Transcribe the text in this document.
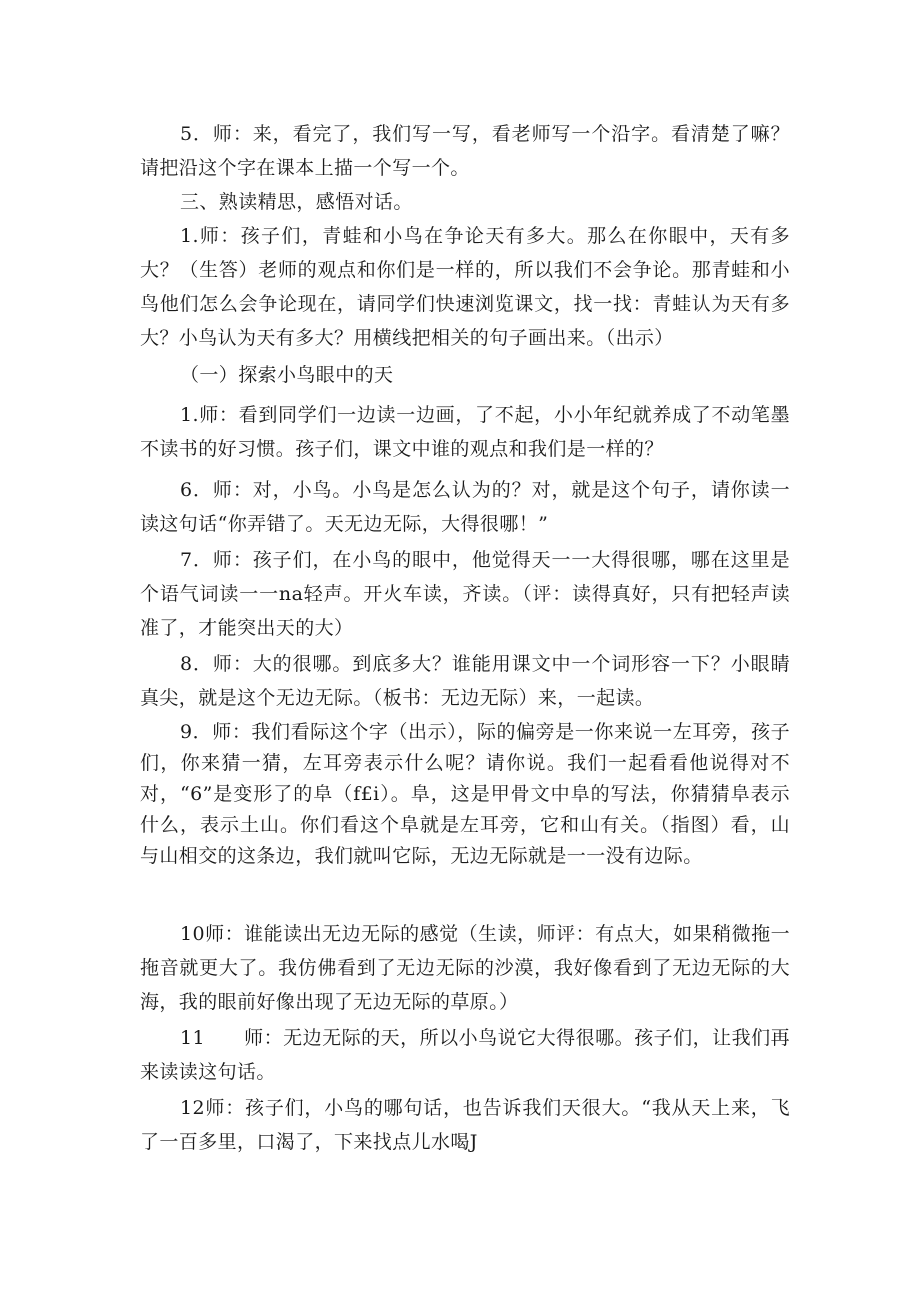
5．师：来，看完了，我们写一写，看老师写一个沿字。看清楚了嘛？请把沿这个字在课本上描一个写一个。

三、熟读精思，感悟对话。

1.师：孩子们，青蛙和小鸟在争论天有多大。那么在你眼中，天有多大？（生答）老师的观点和你们是一样的，所以我们不会争论。那青蛙和小鸟他们怎么会争论现在，请同学们快速浏览课文，找一找：青蛙认为天有多大？小鸟认为天有多大？用横线把相关的句子画出来。（出示）

（一）探索小鸟眼中的天

1.师：看到同学们一边读一边画，了不起，小小年纪就养成了不动笔墨不读书的好习惯。孩子们，课文中谁的观点和我们是一样的？

6．师：对，小鸟。小鸟是怎么认为的？对，就是这个句子，请你读一读这句话“你弄错了。天无边无际，大得很哪！”

7．师：孩子们，在小鸟的眼中，他觉得天一一大得很哪，哪在这里是个语气词读一一na轻声。开火车读，齐读。（评：读得真好，只有把轻声读准了，才能突出天的大）

8．师：大的很哪。到底多大？谁能用课文中一个词形容一下？小眼睛真尖，就是这个无边无际。（板书：无边无际）来，一起读。

9．师：我们看际这个字（出示），际的偏旁是一你来说一左耳旁，孩子们，你来猜一猜，左耳旁表示什么呢？请你说。我们一起看看他说得对不对，“6”是变形了的阜（f£i）。阜，这是甲骨文中阜的写法，你猜猜阜表示什么，表示土山。你们看这个阜就是左耳旁，它和山有关。（指图）看，山与山相交的这条边，我们就叫它际，无边无际就是一一没有边际。

10师：谁能读出无边无际的感觉（生读，师评：有点大，如果稍微拖一拖音就更大了。我仿佛看到了无边无际的沙漠，我好像看到了无边无际的大海，我的眼前好像出现了无边无际的草原。）

11　　师：无边无际的天，所以小鸟说它大得很哪。孩子们，让我们再来读读这句话。

12师：孩子们，小鸟的哪句话，也告诉我们天很大。“我从天上来，飞了一百多里，口渴了，下来找点儿水喝J
